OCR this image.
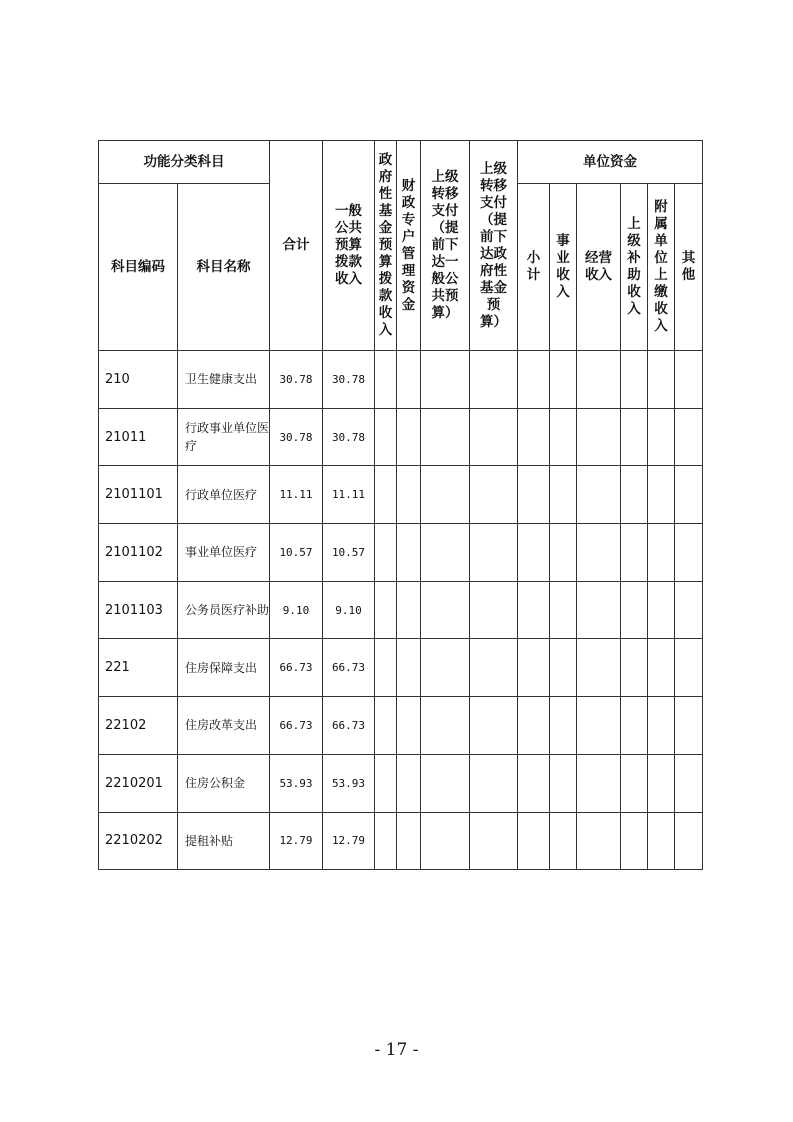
功能分类科目		合计	一般公共预算拨款收入	政府性基金预算拨款收入	财政专户管理资金	上级转移支付（提前下达一般公共预算）	上级转移支付（提前下达政府性基金预算）	单位资金					
科目编码	科目名称							小计	事业收入	经营收入	上级补助收入	附属单位上缴收入	其他
210	卫生健康支出	30.78	30.78										
21011	行政事业单位医疗	30.78	30.78										
2101101	行政单位医疗	11.11	11.11										
2101102	事业单位医疗	10.57	10.57										
2101103	公务员医疗补助	9.10	9.10										
221	住房保障支出	66.73	66.73										
22102	住房改革支出	66.73	66.73										
2210201	住房公积金	53.93	53.93										
2210202	提租补贴	12.79	12.79										
- 17 -
